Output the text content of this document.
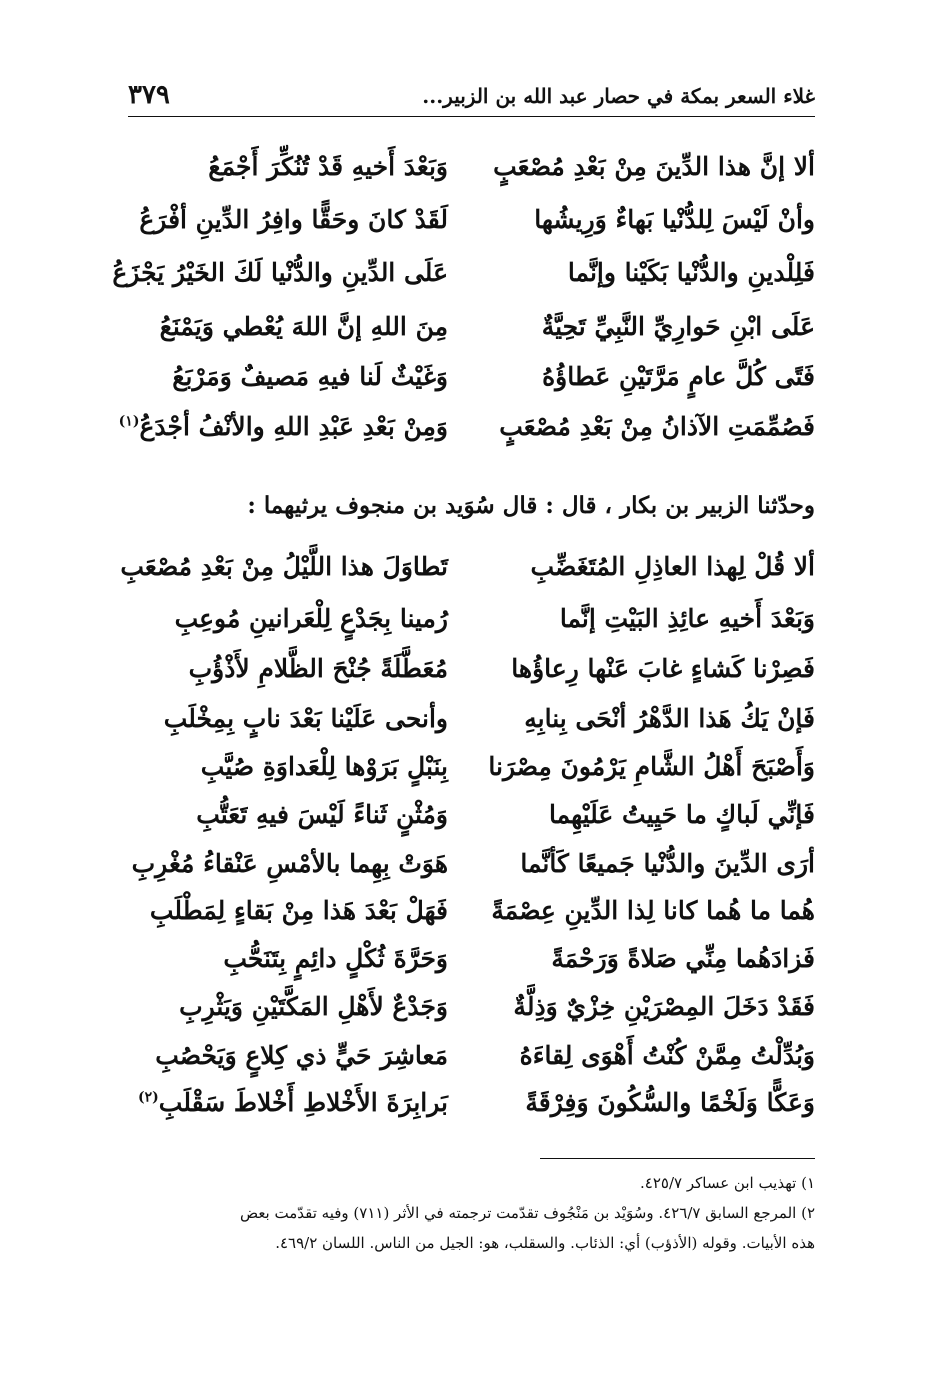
غلاء السعر بمكة في حصار عبد الله بن الزبير...
٣٧٩
ألا إنَّ هذا الدِّينَ مِنْ بَعْدِ مُصْعَبٍ
وَبَعْدَ أَخيهِ قَدْ تُنُكِّرَ أَجْمَعُ
وأنْ لَيْسَ لِلدُّنْيا بَهاءٌ وَرِيشُها
لَقَدْ كانَ وحَقًّا وافِرُ الدِّينِ أفْرَعُ
فَلِلْدينِ والدُّنْيا بَكَيْنا وإنَّما
عَلَى الدِّينِ والدُّنْيا لَكَ الخَيْرُ يَجْزَعُ
عَلَى ابْنِ حَوارِيِّ النَّبِيِّ تَحِيَّةٌ
مِنَ اللهِ إنَّ اللهَ يُعْطي وَيَمْنَعُ
فَتًى كُلَّ عامٍ مَرَّتَيْنِ عَطاؤُهُ
وَغَيْثٌ لَنا فيهِ مَصيفٌ وَمَرْبَعُ
فَصُمِّمَتِ الآذانُ مِنْ بَعْدِ مُصْعَبٍ
وَمِنْ بَعْدِ عَبْدِ اللهِ والأنْفُ أجْدَعُ$^{(١)}$
وحدّثنا الزبير بن بكار ، قال : قال سُوَيد بن منجوف يرثيهما :
ألا قُلْ لِهذا العاذِلِ المُتَغَضِّبِ
تَطاوَلَ هذا اللَّيْلُ مِنْ بَعْدِ مُصْعَبِ
وَبَعْدَ أَخيهِ عائِذِ البَيْتِ إنَّما
رُمينا بِجَدْعٍ لِلْعَرانينِ مُوعِبِ
فَصِرْنا كَشاءٍ غابَ عَنْها رِعاؤُها
مُعَطَّلَةً جُنْحَ الظَّلامِ لأَذْؤُبِ
فَإنْ يَكُ هَذا الدَّهْرُ أنْحَى بِنابِهِ
وأنحى عَلَيْنا بَعْدَ نابٍ بِمِخْلَبِ
وَأَصْبَحَ أَهْلُ الشَّامِ يَرْمُونَ مِصْرَنا
بِنَبْلٍ بَرَوْها لِلْعَداوَةِ صُيَّبِ
فَإنِّي لَباكٍ ما حَيِيتُ عَلَيْهِما
وَمُثْنٍ ثَناءً لَيْسَ فيهِ تَعَتُّبِ
أرَى الدِّينَ والدُّنْيا جَميعًا كَأنَّما
هَوَتْ بِهِما بالأمْسِ عَنْقاءُ مُغْرِبِ
هُما ما هُما كانا لِذا الدِّينِ عِصْمَةً
فَهَلْ بَعْدَ هَذا مِنْ بَقاءٍ لِمَطْلَبِ
فَزادَهُما مِنِّي صَلاةً وَرَحْمَةً
وَحَرَّةَ ثُكْلٍ دائِمٍ بِتَنَحُّبِ
فَقَدْ دَخَلَ المِصْرَيْنِ خِزْيٌ وَذِلَّةٌ
وَجَدْعٌ لأَهْلِ المَكَّتَيْنِ وَيَثْرِبِ
وَبُدِّلْتُ مِمَّنْ كُنْتُ أَهْوَى لِقاءَهُ
مَعاشِرَ حَيٍّ ذي كِلاعٍ وَيَحْصُبِ
وَعَكًّا وَلَخْمًا والسُّكُونَ وَفِرْقَةً
بَرابِرَةَ الأَخْلاطِ أَخْلاطَ سَقْلَبِ$^{(٢)}$

١) تهذيب ابن عساكر ٤٢٥/٧.

٢) المرجع السابق ٤٢٦/٧. وسُوَيْد بن مَنْجُوف تقدّمت ترجمته في الأثر (٧١١) وفيه تقدّمت بعض

هذه الأبيات. وقوله (الأذؤب) أي: الذئاب. والسقلب، هو: الجيل من الناس. اللسان ٤٦٩/٢.
